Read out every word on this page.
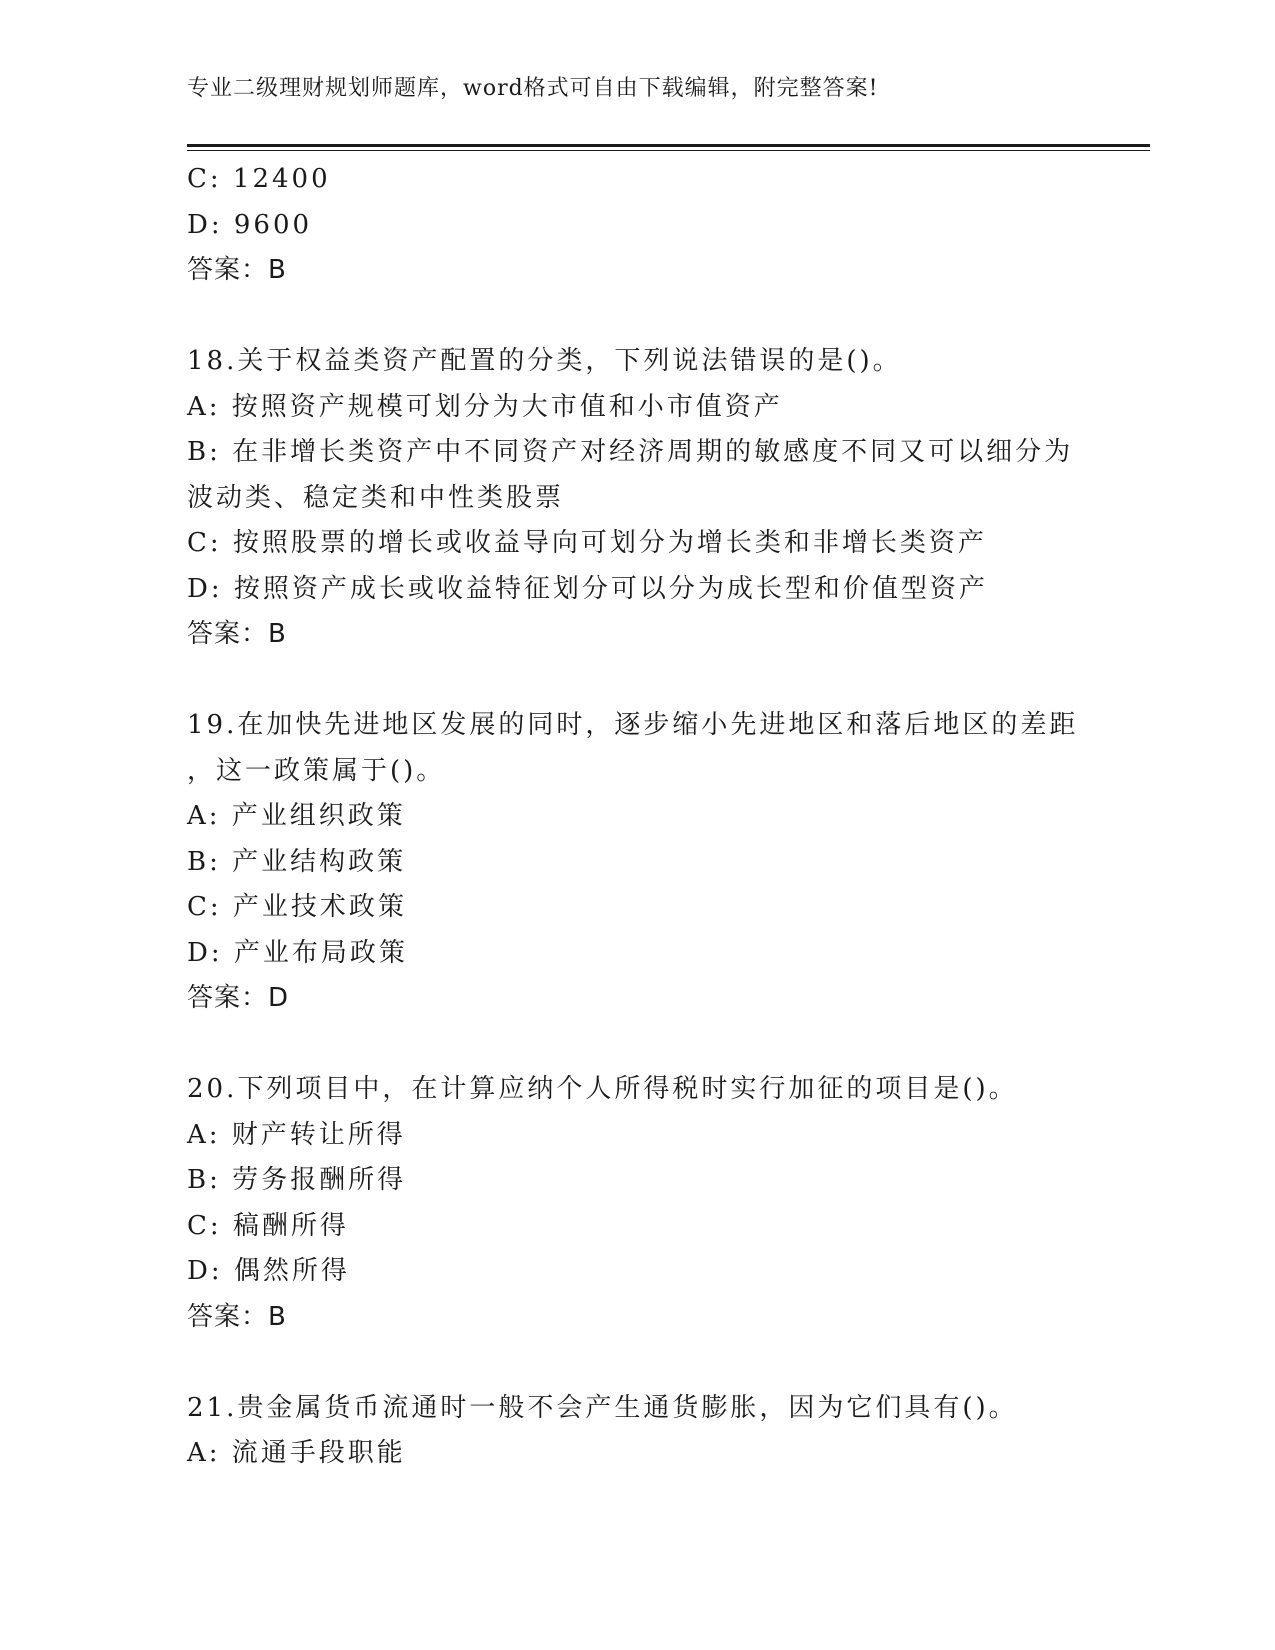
专业二级理财规划师题库，word格式可自由下载编辑，附完整答案!
C: 12400
D: 9600
答案：B
18.关于权益类资产配置的分类，下列说法错误的是()。
A: 按照资产规模可划分为大市值和小市值资产
B: 在非增长类资产中不同资产对经济周期的敏感度不同又可以细分为
波动类、稳定类和中性类股票
C: 按照股票的增长或收益导向可划分为增长类和非增长类资产
D: 按照资产成长或收益特征划分可以分为成长型和价值型资产
答案：B
19.在加快先进地区发展的同时，逐步缩小先进地区和落后地区的差距
，这一政策属于()。
A: 产业组织政策
B: 产业结构政策
C: 产业技术政策
D: 产业布局政策
答案：D
20.下列项目中，在计算应纳个人所得税时实行加征的项目是()。
A: 财产转让所得
B: 劳务报酬所得
C: 稿酬所得
D: 偶然所得
答案：B
21.贵金属货币流通时一般不会产生通货膨胀，因为它们具有()。
A: 流通手段职能
